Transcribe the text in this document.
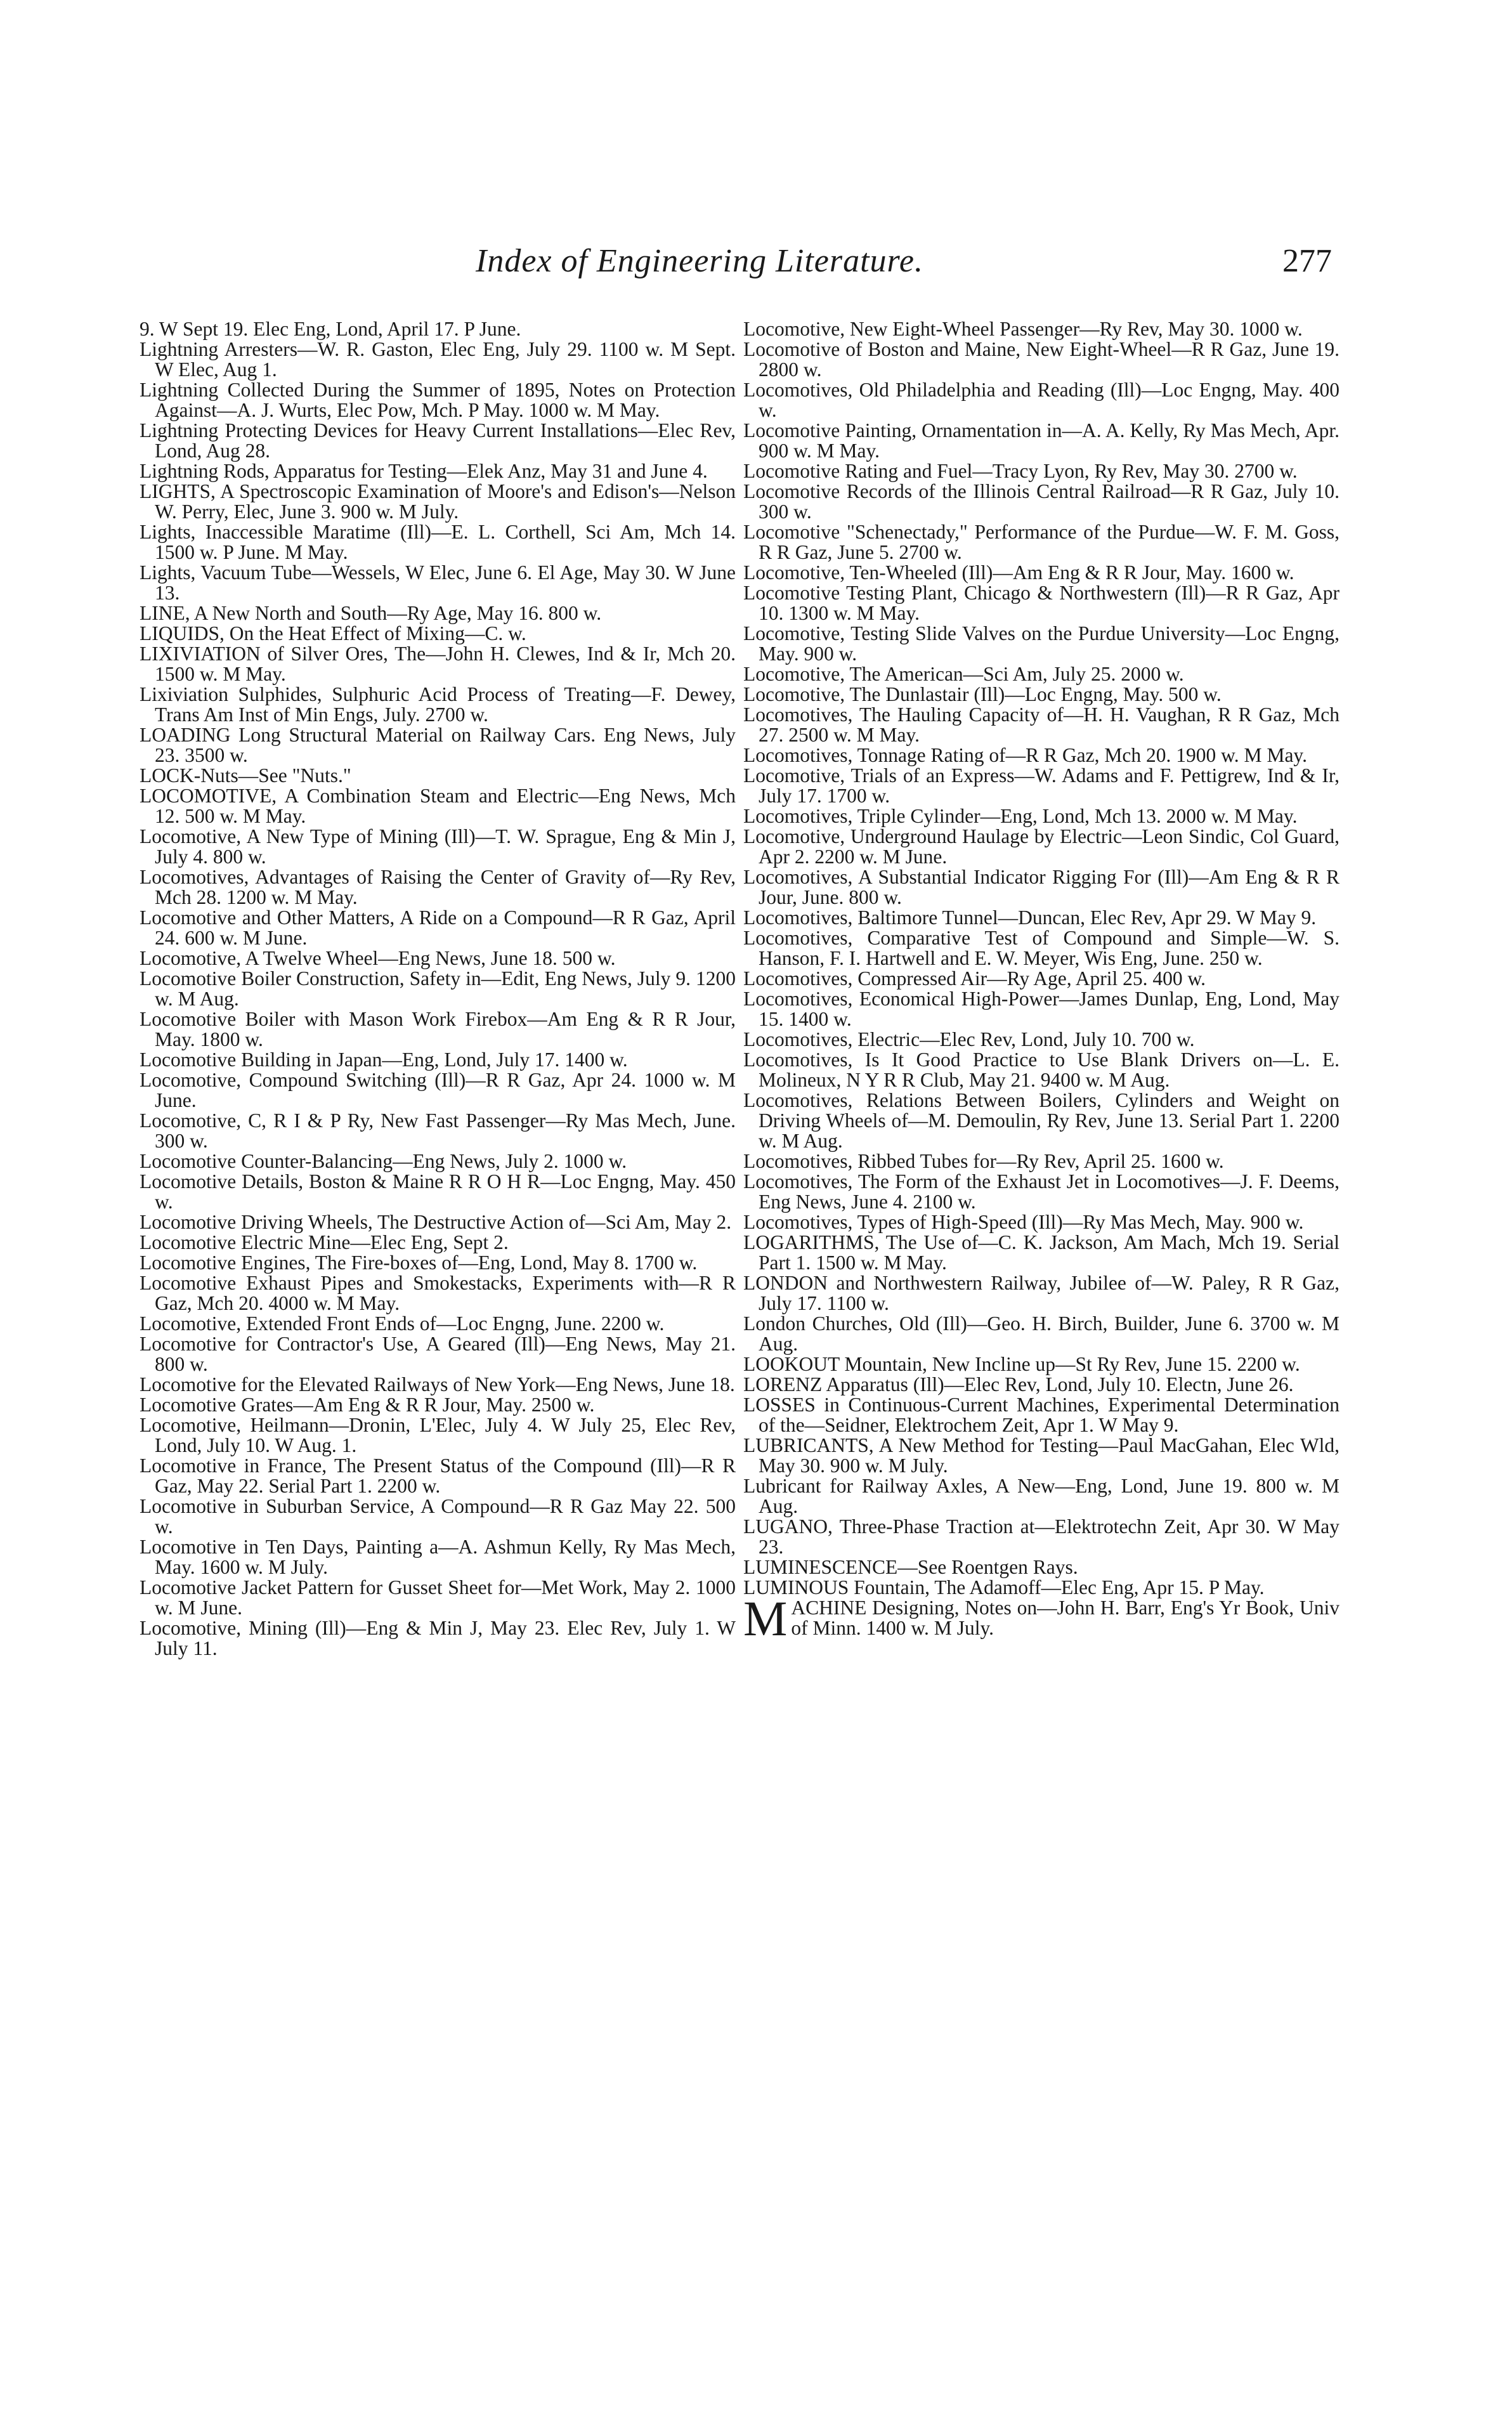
Index of Engineering Literature.	277
9. W Sept 19. Elec Eng, Lond, April 17. P June.
Lightning Arresters—W. R. Gaston, Elec Eng, July 29. 1100 w. M Sept. W Elec, Aug 1.
Lightning Collected During the Summer of 1895, Notes on Protection Against—A. J. Wurts, Elec Pow, Mch. P May. 1000 w. M May.
Lightning Protecting Devices for Heavy Current Installations—Elec Rev, Lond, Aug 28.
Lightning Rods, Apparatus for Testing—Elek Anz, May 31 and June 4.
LIGHTS, A Spectroscopic Examination of Moore's and Edison's—Nelson W. Perry, Elec, June 3. 900 w. M July.
Lights, Inaccessible Maratime (Ill)—E. L. Corthell, Sci Am, Mch 14. 1500 w. P June. M May.
Lights, Vacuum Tube—Wessels, W Elec, June 6. El Age, May 30. W June 13.
LINE, A New North and South—Ry Age, May 16. 800 w.
LIQUIDS, On the Heat Effect of Mixing—C. w.
LIXIVIATION of Silver Ores, The—John H. Clewes, Ind & Ir, Mch 20. 1500 w. M May.
Lixiviation Sulphides, Sulphuric Acid Process of Treating—F. Dewey, Trans Am Inst of Min Engs, July. 2700 w.
LOADING Long Structural Material on Railway Cars. Eng News, July 23. 3500 w.
LOCK-Nuts—See "Nuts."
LOCOMOTIVE, A Combination Steam and Electric—Eng News, Mch 12. 500 w. M May.
Locomotive, A New Type of Mining (Ill)—T. W. Sprague, Eng & Min J, July 4. 800 w.
Locomotives, Advantages of Raising the Center of Gravity of—Ry Rev, Mch 28. 1200 w. M May.
Locomotive and Other Matters, A Ride on a Compound—R R Gaz, April 24. 600 w. M June.
Locomotive, A Twelve Wheel—Eng News, June 18. 500 w.
Locomotive Boiler Construction, Safety in—Edit, Eng News, July 9. 1200 w. M Aug.
Locomotive Boiler with Mason Work Firebox—Am Eng & R R Jour, May. 1800 w.
Locomotive Building in Japan—Eng, Lond, July 17. 1400 w.
Locomotive, Compound Switching (Ill)—R R Gaz, Apr 24. 1000 w. M June.
Locomotive, C, R I & P Ry, New Fast Passenger—Ry Mas Mech, June. 300 w.
Locomotive Counter-Balancing—Eng News, July 2. 1000 w.
Locomotive Details, Boston & Maine R R O H R—Loc Engng, May. 450 w.
Locomotive Driving Wheels, The Destructive Action of—Sci Am, May 2.
Locomotive Electric Mine—Elec Eng, Sept 2.
Locomotive Engines, The Fire-boxes of—Eng, Lond, May 8. 1700 w.
Locomotive Exhaust Pipes and Smokestacks, Experiments with—R R Gaz, Mch 20. 4000 w. M May.
Locomotive, Extended Front Ends of—Loc Engng, June. 2200 w.
Locomotive for Contractor's Use, A Geared (Ill)—Eng News, May 21. 800 w.
Locomotive for the Elevated Railways of New York—Eng News, June 18.
Locomotive Grates—Am Eng & R R Jour, May. 2500 w.
Locomotive, Heilmann—Dronin, L'Elec, July 4. W July 25, Elec Rev, Lond, July 10. W Aug. 1.
Locomotive in France, The Present Status of the Compound (Ill)—R R Gaz, May 22. Serial Part 1. 2200 w.
Locomotive in Suburban Service, A Compound—R R Gaz May 22. 500 w.
Locomotive in Ten Days, Painting a—A. Ashmun Kelly, Ry Mas Mech, May. 1600 w. M July.
Locomotive Jacket Pattern for Gusset Sheet for—Met Work, May 2. 1000 w. M June.
Locomotive, Mining (Ill)—Eng & Min J, May 23. Elec Rev, July 1. W July 11.
Locomotive, New Eight-Wheel Passenger—Ry Rev, May 30. 1000 w.
Locomotive of Boston and Maine, New Eight-Wheel—R R Gaz, June 19. 2800 w.
Locomotives, Old Philadelphia and Reading (Ill)—Loc Engng, May. 400 w.
Locomotive Painting, Ornamentation in—A. A. Kelly, Ry Mas Mech, Apr. 900 w. M May.
Locomotive Rating and Fuel—Tracy Lyon, Ry Rev, May 30. 2700 w.
Locomotive Records of the Illinois Central Railroad—R R Gaz, July 10. 300 w.
Locomotive "Schenectady," Performance of the Purdue—W. F. M. Goss, R R Gaz, June 5. 2700 w.
Locomotive, Ten-Wheeled (Ill)—Am Eng & R R Jour, May. 1600 w.
Locomotive Testing Plant, Chicago & Northwestern (Ill)—R R Gaz, Apr 10. 1300 w. M May.
Locomotive, Testing Slide Valves on the Purdue University—Loc Engng, May. 900 w.
Locomotive, The American—Sci Am, July 25. 2000 w.
Locomotive, The Dunlastair (Ill)—Loc Engng, May. 500 w.
Locomotives, The Hauling Capacity of—H. H. Vaughan, R R Gaz, Mch 27. 2500 w. M May.
Locomotives, Tonnage Rating of—R R Gaz, Mch 20. 1900 w. M May.
Locomotive, Trials of an Express—W. Adams and F. Pettigrew, Ind & Ir, July 17. 1700 w.
Locomotives, Triple Cylinder—Eng, Lond, Mch 13. 2000 w. M May.
Locomotive, Underground Haulage by Electric—Leon Sindic, Col Guard, Apr 2. 2200 w. M June.
Locomotives, A Substantial Indicator Rigging For (Ill)—Am Eng & R R Jour, June. 800 w.
Locomotives, Baltimore Tunnel—Duncan, Elec Rev, Apr 29. W May 9.
Locomotives, Comparative Test of Compound and Simple—W. S. Hanson, F. I. Hartwell and E. W. Meyer, Wis Eng, June. 250 w.
Locomotives, Compressed Air—Ry Age, April 25. 400 w.
Locomotives, Economical High-Power—James Dunlap, Eng, Lond, May 15. 1400 w.
Locomotives, Electric—Elec Rev, Lond, July 10. 700 w.
Locomotives, Is It Good Practice to Use Blank Drivers on—L. E. Molineux, N Y R R Club, May 21. 9400 w. M Aug.
Locomotives, Relations Between Boilers, Cylinders and Weight on Driving Wheels of—M. Demoulin, Ry Rev, June 13. Serial Part 1. 2200 w. M Aug.
Locomotives, Ribbed Tubes for—Ry Rev, April 25. 1600 w.
Locomotives, The Form of the Exhaust Jet in Locomotives—J. F. Deems, Eng News, June 4. 2100 w.
Locomotives, Types of High-Speed (Ill)—Ry Mas Mech, May. 900 w.
LOGARITHMS, The Use of—C. K. Jackson, Am Mach, Mch 19. Serial Part 1. 1500 w. M May.
LONDON and Northwestern Railway, Jubilee of—W. Paley, R R Gaz, July 17. 1100 w.
London Churches, Old (Ill)—Geo. H. Birch, Builder, June 6. 3700 w. M Aug.
LOOKOUT Mountain, New Incline up—St Ry Rev, June 15. 2200 w.
LORENZ Apparatus (Ill)—Elec Rev, Lond, July 10. Electn, June 26.
LOSSES in Continuous-Current Machines, Experimental Determination of the—Seidner, Elektrochem Zeit, Apr 1. W May 9.
LUBRICANTS, A New Method for Testing—Paul MacGahan, Elec Wld, May 30. 900 w. M July.
Lubricant for Railway Axles, A New—Eng, Lond, June 19. 800 w. M Aug.
LUGANO, Three-Phase Traction at—Elektrotechn Zeit, Apr 30. W May 23.
LUMINESCENCE—See Roentgen Rays.
LUMINOUS Fountain, The Adamoff—Elec Eng, Apr 15. P May.
MACHINE Designing, Notes on—John H. Barr, Eng's Yr Book, Univ of Minn. 1400 w. M July.
